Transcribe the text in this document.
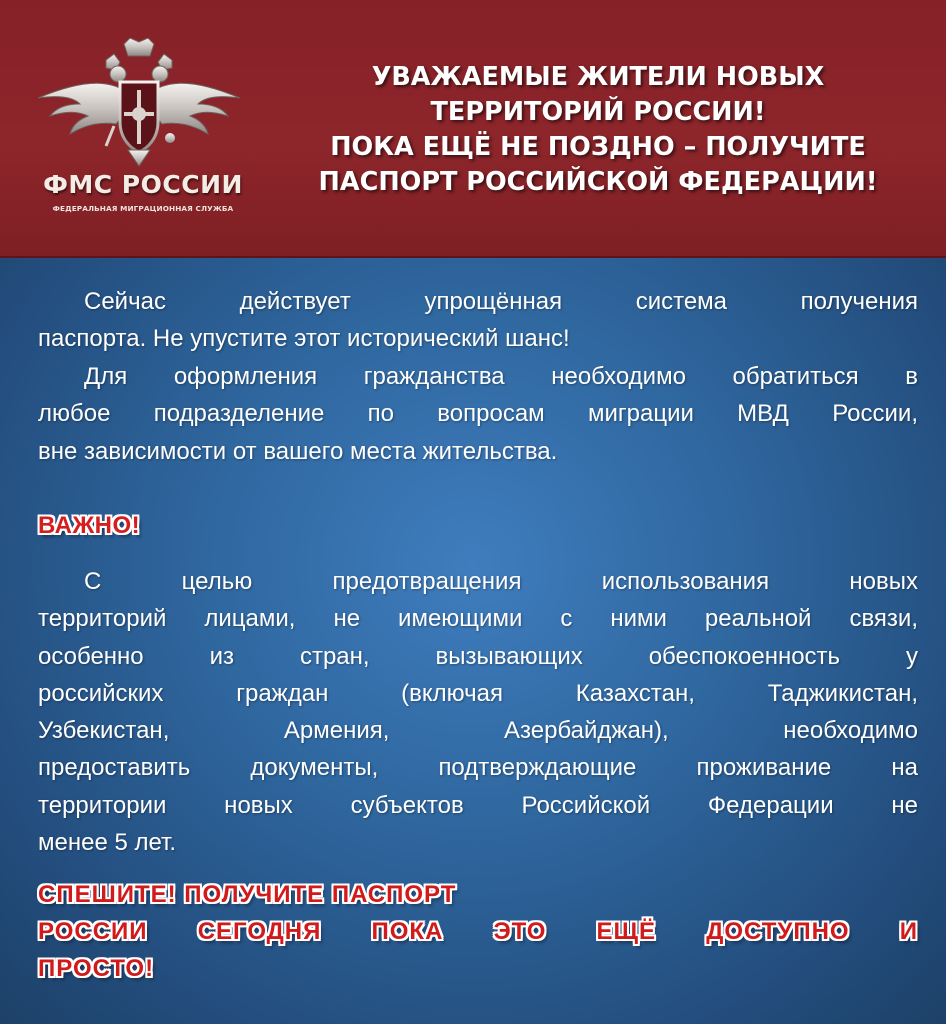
ФМС РОССИИ
ФЕДЕРАЛЬНАЯ МИГРАЦИОННАЯ СЛУЖБА
УВАЖАЕМЫЕ ЖИТЕЛИ НОВЫХ
ТЕРРИТОРИЙ РОССИИ!
ПОКА ЕЩЁ НЕ ПОЗДНО – ПОЛУЧИТЕ
ПАСПОРТ РОССИЙСКОЙ ФЕДЕРАЦИИ!
Сейчас действует упрощённая система получения
паспорта. Не упустите этот исторический шанс!
Для оформления гражданства необходимо обратиться в
любое подразделение по вопросам миграции МВД России,
вне зависимости от вашего места жительства.
ВАЖНО!
С целью предотвращения использования новых
территорий лицами, не имеющими с ними реальной связи,
особенно из стран, вызывающих обеспокоенность у
российских граждан (включая Казахстан, Таджикистан,
Узбекистан, Армения, Азербайджан), необходимо
предоставить документы, подтверждающие проживание на
территории новых субъектов Российской Федерации не
менее 5 лет.
СПЕШИТЕ! ПОЛУЧИТЕ ПАСПОРТ
РОССИИ СЕГОДНЯ ПОКА ЭТО ЕЩЁ ДОСТУПНО И
ПРОСТО!
